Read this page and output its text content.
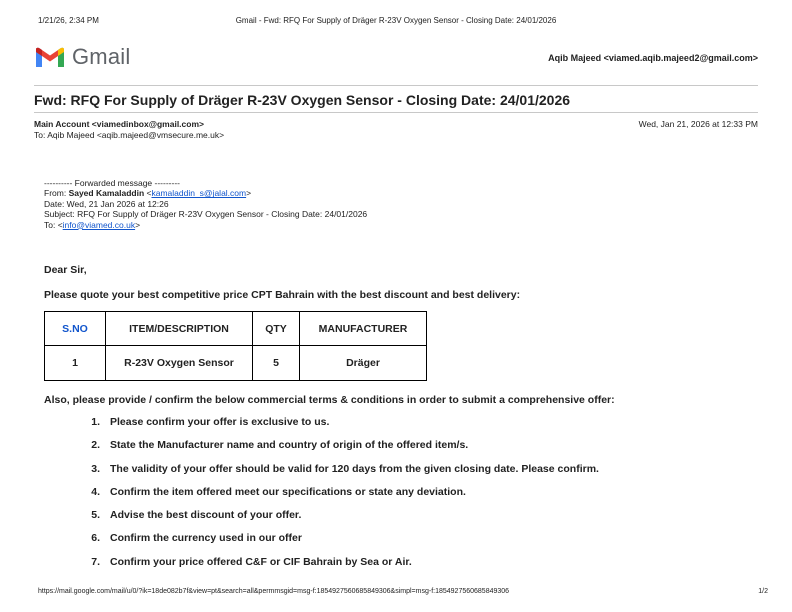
1/21/26, 2:34 PM	Gmail - Fwd: RFQ For Supply of Dräger R-23V Oxygen Sensor - Closing Date: 24/01/2026
Gmail	Aqib Majeed <viamed.aqib.majeed2@gmail.com>
Fwd: RFQ For Supply of Dräger R-23V Oxygen Sensor - Closing Date: 24/01/2026
Main Account <viamedinbox@gmail.com>
To: Aqib Majeed <aqib.majeed@vmsecure.me.uk>
Wed, Jan 21, 2026 at 12:33 PM
---------- Forwarded message ---------
From: Sayed Kamaladdin <kamaladdin_s@jalal.com>
Date: Wed, 21 Jan 2026 at 12:26
Subject: RFQ For Supply of Dräger R-23V Oxygen Sensor - Closing Date: 24/01/2026
To: <info@viamed.co.uk>
Dear Sir,
Please quote your best competitive price CPT Bahrain with the best discount and best delivery:
S.NO	ITEM/DESCRIPTION	QTY	MANUFACTURER
1	R-23V Oxygen Sensor	5	Dräger
Also, please provide / confirm the below commercial terms & conditions in order to submit a comprehensive offer:
1. Please confirm your offer is exclusive to us.
2. State the Manufacturer name and country of origin of the offered item/s.
3. The validity of your offer should be valid for 120 days from the given closing date. Please confirm.
4. Confirm the item offered meet our specifications or state any deviation.
5. Advise the best discount of your offer.
6. Confirm the currency used in our offer
7. Confirm your price offered C&F or CIF Bahrain by Sea or Air.
https://mail.google.com/mail/u/0/?ik=18de082b7f&view=pt&search=all&permmsgid=msg-f:1854927560685849306&simpl=msg-f:1854927560685849306	1/2
